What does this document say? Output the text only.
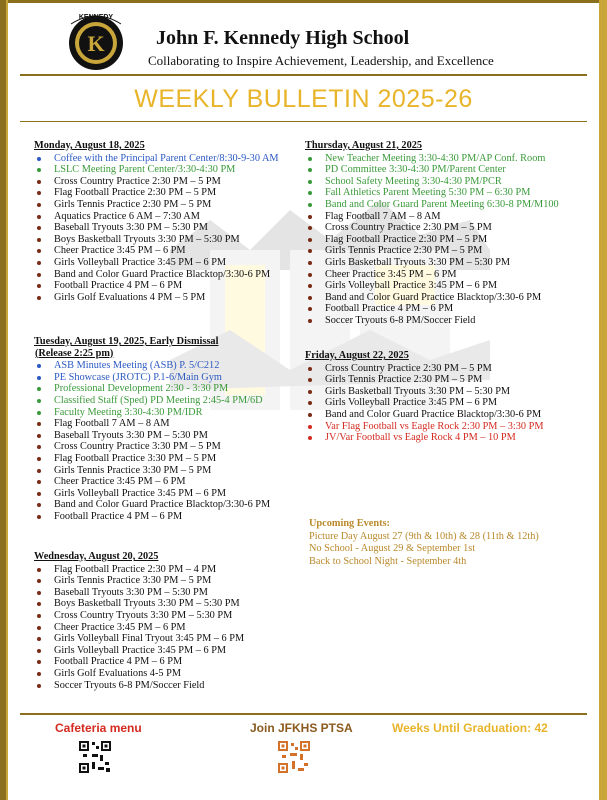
K
KENNEDY
John F. Kennedy High School
Collaborating to Inspire Achievement, Leadership, and Excellence
WEEKLY BULLETIN 2025-26
Monday, August 18, 2025
Coffee with the Principal Parent Center/8:30-9-30 AM
LSLC Meeting Parent Center/3:30-4:30 PM
Cross Country Practice 2:30 PM – 5 PM
Flag Football Practice 2:30 PM – 5 PM
Girls Tennis Practice 2:30 PM – 5 PM
Aquatics Practice 6 AM – 7:30 AM
Baseball Tryouts 3:30 PM – 5:30 PM
Boys Basketball Tryouts 3:30 PM – 5:30 PM
Cheer Practice 3:45 PM – 6 PM
Girls Volleyball Practice 3:45 PM – 6 PM
Band and Color Guard Practice Blacktop/3:30-6 PM
Football Practice 4 PM – 6 PM
Girls Golf Evaluations 4 PM – 5 PM
Tuesday, August 19, 2025, Early Dismissal
(Release 2:25 pm)
ASB Minutes Meeting (ASB) P. 5/C212
PE Showcase (JROTC) P.1-6/Main Gym
Professional Development 2:30 - 3:30 PM
Classified Staff (Sped) PD Meeting 2:45-4 PM/6D
Faculty Meeting 3:30-4:30 PM/IDR
Flag Football 7 AM – 8 AM
Baseball Tryouts 3:30 PM – 5:30 PM
Cross Country Practice 3:30 PM – 5 PM
Flag Football Practice 3:30 PM – 5 PM
Girls Tennis Practice 3:30 PM – 5 PM
Cheer Practice 3:45 PM – 6 PM
Girls Volleyball Practice 3:45 PM – 6 PM
Band and Color Guard Practice Blacktop/3:30-6 PM
Football Practice 4 PM – 6 PM
Wednesday, August 20, 2025
Flag Football Practice 2:30 PM – 4 PM
Girls Tennis Practice 3:30 PM – 5 PM
Baseball Tryouts 3:30 PM – 5:30 PM
Boys Basketball Tryouts 3:30 PM – 5:30 PM
Cross Country Tryouts 3:30 PM – 5:30 PM
Cheer Practice 3:45 PM – 6 PM
Girls Volleyball Final Tryout 3:45 PM – 6 PM
Girls Volleyball Practice 3:45 PM – 6 PM
Football Practice 4 PM – 6 PM
Girls Golf Evaluations 4-5 PM
Soccer Tryouts 6-8 PM/Soccer Field
Thursday, August 21, 2025
New Teacher Meeting 3:30-4:30 PM/AP Conf. Room
PD Committee 3:30-4:30 PM/Parent Center
School Safety Meeting 3:30-4:30 PM/PCR
Fall Athletics Parent Meeting 5:30 PM – 6:30 PM
Band and Color Guard Parent Meeting 6:30-8 PM/M100
Flag Football 7 AM – 8 AM
Cross Country Practice 2:30 PM – 5 PM
Flag Football Practice 2:30 PM – 5 PM
Girls Tennis Practice 2:30 PM – 5 PM
Girls Basketball Tryouts 3:30 PM – 5:30 PM
Cheer Practice 3:45 PM – 6 PM
Girls Volleyball Practice 3:45 PM – 6 PM
Band and Color Guard Practice Blacktop/3:30-6 PM
Football Practice 4 PM – 6 PM
Soccer Tryouts 6-8 PM/Soccer Field
Friday, August 22, 2025
Cross Country Practice 2:30 PM – 5 PM
Girls Tennis Practice 2:30 PM – 5 PM
Girls Basketball Tryouts 3:30 PM – 5:30 PM
Girls Volleyball Practice 3:45 PM – 6 PM
Band and Color Guard Practice Blacktop/3:30-6 PM
Var Flag Football vs Eagle Rock 2:30 PM – 3:30 PM
JV/Var Football vs Eagle Rock 4 PM – 10 PM
Upcoming Events:
Picture Day August 27 (9th & 10th) & 28 (11th & 12th)
No School - August 29 & September 1st
Back to School Night - September 4th
Cafeteria menu	Join JFKHS PTSA	Weeks Until Graduation: 42
